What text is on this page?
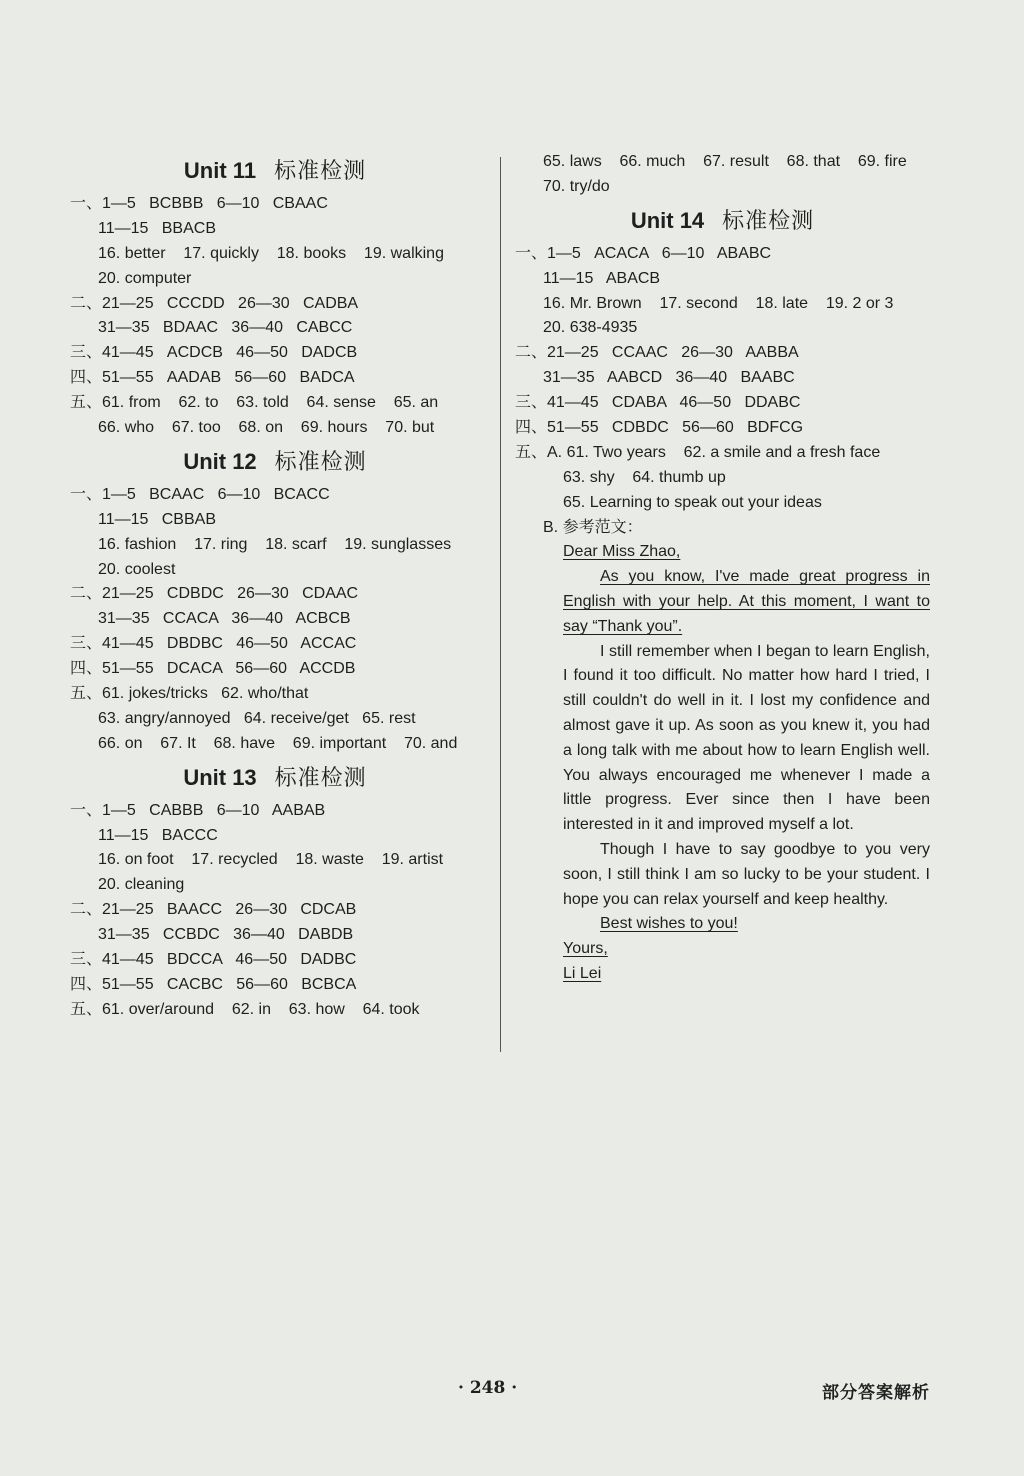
Unit 11 标准检测
一、1—5   BCBBB   6—10   CBAAC
11—15   BBACB
16. better    17. quickly    18. books    19. walking
20. computer
二、21—25   CCCDD   26—30   CADBA
31—35   BDAAC   36—40   CABCC
三、41—45   ACDCB   46—50   DADCB
四、51—55   AADAB   56—60   BADCA
五、61. from    62. to    63. told    64. sense    65. an
66. who    67. too    68. on    69. hours    70. but
Unit 12 标准检测
一、1—5   BCAAC   6—10   BCACC
11—15   CBBAB
16. fashion    17. ring    18. scarf    19. sunglasses
20. coolest
二、21—25   CDBDC   26—30   CDAAC
31—35   CCACA   36—40   ACBCB
三、41—45   DBDBC   46—50   ACCAC
四、51—55   DCACA   56—60   ACCDB
五、61. jokes/tricks   62. who/that
63. angry/annoyed   64. receive/get   65. rest
66. on    67. It    68. have    69. important    70. and
Unit 13 标准检测
一、1—5   CABBB   6—10   AABAB
11—15   BACCC
16. on foot    17. recycled    18. waste    19. artist
20. cleaning
二、21—25   BAACC   26—30   CDCAB
31—35   CCBDC   36—40   DABDB
三、41—45   BDCCA   46—50   DADBC
四、51—55   CACBC   56—60   BCBCA
五、61. over/around    62. in    63. how    64. took
65. laws    66. much    67. result    68. that    69. fire
70. try/do
Unit 14 标准检测
一、1—5   ACACA   6—10   ABABC
11—15   ABACB
16. Mr. Brown    17. second    18. late    19. 2 or 3
20. 638-4935
二、21—25   CCAAC   26—30   AABBA
31—35   AABCD   36—40   BAABC
三、41—45   CDABA   46—50   DDABC
四、51—55   CDBDC   56—60   BDFCG
五、A. 61. Two years    62. a smile and a fresh face
63. shy    64. thumb up
65. Learning to speak out your ideas
B. 参考范文：

Dear Miss Zhao,

As you know, I've made great progress in English with your help. At this moment, I want to say “Thank you”.

I still remember when I began to learn English, I found it too difficult. No matter how hard I tried, I still couldn't do well in it. I lost my confidence and almost gave it up. As soon as you knew it, you had a long talk with me about how to learn English well. You always encouraged me whenever I made a little progress. Ever since then I have been interested in it and improved myself a lot.

Though I have to say goodbye to you very soon, I still think I am so lucky to be your student. I hope you can relax yourself and keep healthy.

Best wishes to you!

Yours,

Li Lei

· 248 ·	部分答案解析
